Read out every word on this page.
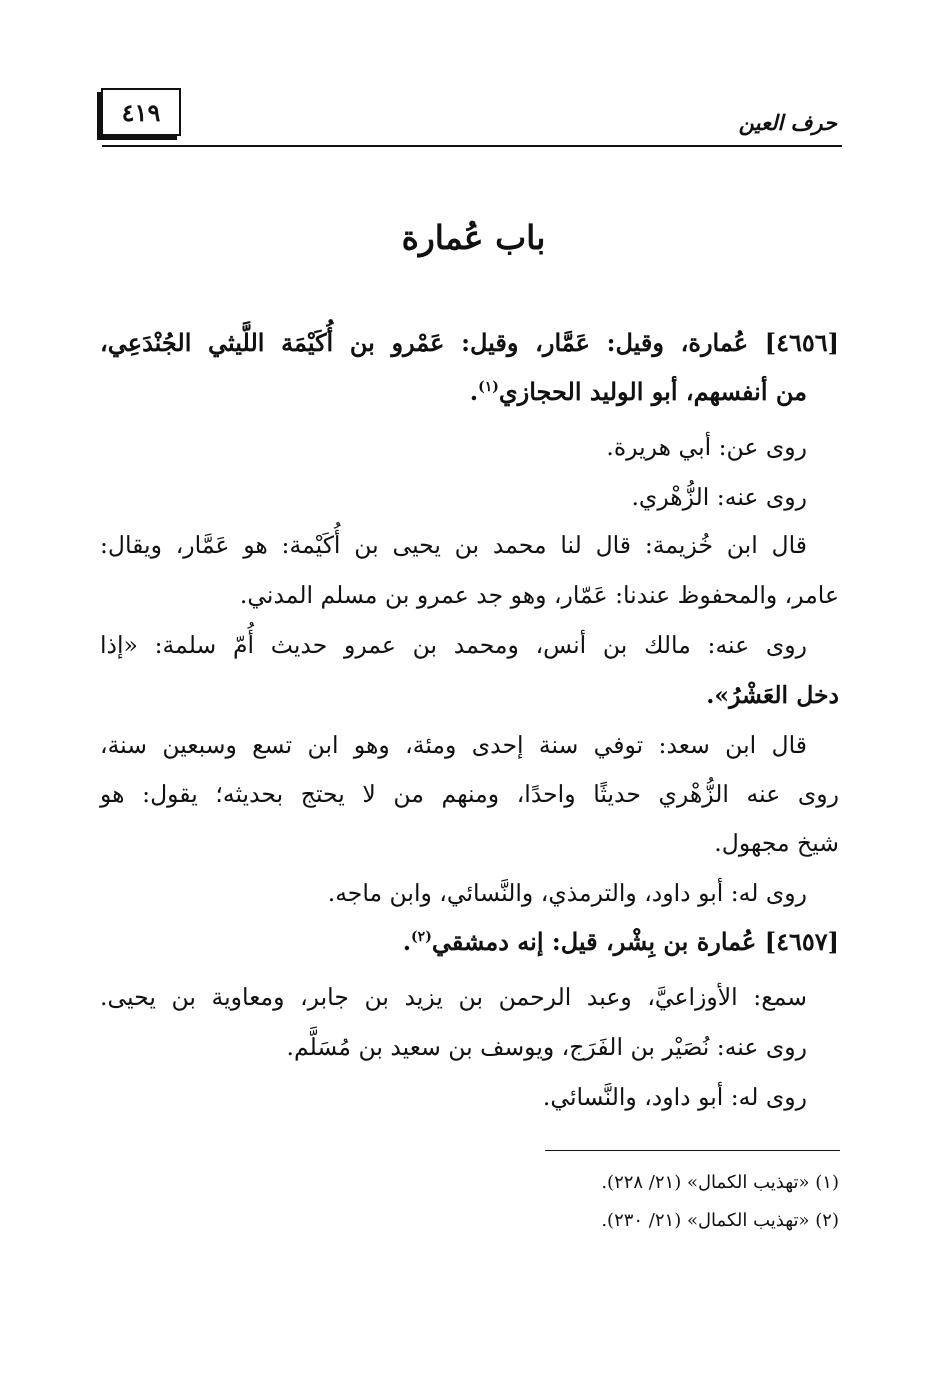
٤١٩	حرف العين
باب عُمارة
[٤٦٥٦] عُمارة، وقيل: عَمَّار، وقيل: عَمْرو بن أُكَيْمَة اللَّيثي الجُنْدَعِي،
من أنفسهم، أبو الوليد الحجازي$^{(١)}$.
روى عن: أبي هريرة.
روى عنه: الزُّهْري.
قال ابن خُزيمة: قال لنا محمد بن يحيى بن أُكَيْمة: هو عَمَّار، ويقال:
عامر، والمحفوظ عندنا: عَمّار، وهو جد عمرو بن مسلم المدني.
روى عنه: مالك بن أنس، ومحمد بن عمرو حديث أُمّ سلمة: «إذا
دخل العَشْرُ».
قال ابن سعد: توفي سنة إحدى ومئة، وهو ابن تسع وسبعين سنة،
روى عنه الزُّهْري حديثًا واحدًا، ومنهم من لا يحتج بحديثه؛ يقول: هو
شيخ مجهول.
روى له: أبو داود، والترمذي، والنَّسائي، وابن ماجه.
[٤٦٥٧] عُمارة بن بِشْر، قيل: إنه دمشقي$^{(٢)}$.
سمع: الأوزاعيَّ، وعبد الرحمن بن يزيد بن جابر، ومعاوية بن يحيى.
روى عنه: نُصَيْر بن الفَرَج، ويوسف بن سعيد بن مُسَلَّم.
روى له: أبو داود، والنَّسائي.
(١) «تهذيب الكمال» (٢١/ ٢٢٨).
(٢) «تهذيب الكمال» (٢١/ ٢٣٠).
